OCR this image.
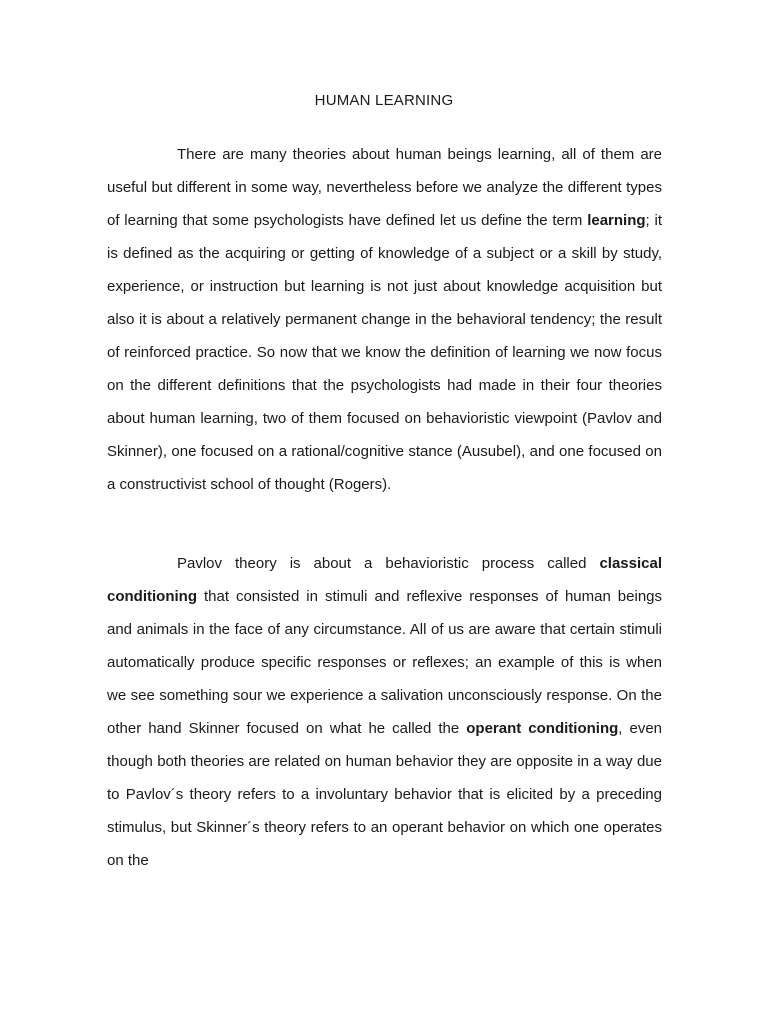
HUMAN LEARNING

There are many theories about human beings learning, all of them are useful but different in some way, nevertheless before we analyze the different types of learning that some psychologists have defined let us define the term learning; it is defined as the acquiring or getting of knowledge of a subject or a skill by study, experience, or instruction but learning is not just about knowledge acquisition but also it is about a relatively permanent change in the behavioral tendency; the result of reinforced practice. So now that we know the definition of learning we now focus on the different definitions that the psychologists had made in their four theories about human learning, two of them focused on behavioristic viewpoint (Pavlov and Skinner), one focused on a rational/cognitive stance (Ausubel), and one focused on a constructivist school of thought (Rogers).

Pavlov theory is about a behavioristic process called classical conditioning that consisted in stimuli and reflexive responses of human beings and animals in the face of any circumstance. All of us are aware that certain stimuli automatically produce specific responses or reflexes; an example of this is when we see something sour we experience a salivation unconsciously response. On the other hand Skinner focused on what he called the operant conditioning, even though both theories are related on human behavior they are opposite in a way due to Pavlov´s theory refers to a involuntary behavior that is elicited by a preceding stimulus, but Skinner´s theory refers to an operant behavior on which one operates on the
